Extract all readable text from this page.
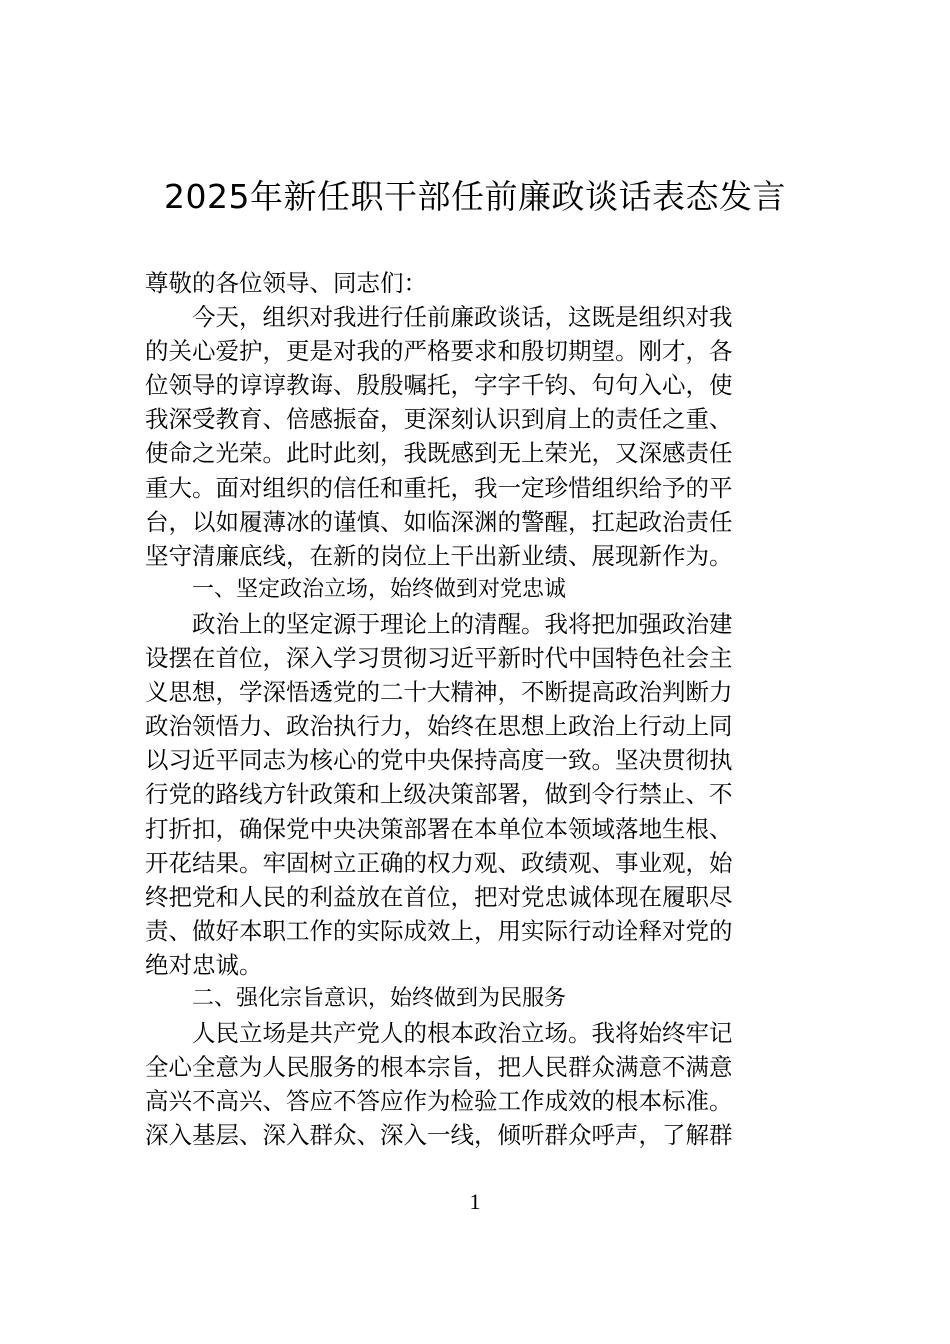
2025年新任职干部任前廉政谈话表态发言
尊敬的各位领导、同志们：
今天，组织对我进行任前廉政谈话，这既是组织对我
的关心爱护，更是对我的严格要求和殷切期望。刚才，各
位领导的谆谆教诲、殷殷嘱托，字字千钧、句句入心，使
我深受教育、倍感振奋，更深刻认识到肩上的责任之重、
使命之光荣。此时此刻，我既感到无上荣光，又深感责任
重大。面对组织的信任和重托，我一定珍惜组织给予的平
台，以如履薄冰的谨慎、如临深渊的警醒，扛起政治责任
坚守清廉底线，在新的岗位上干出新业绩、展现新作为。
一、坚定政治立场，始终做到对党忠诚
政治上的坚定源于理论上的清醒。我将把加强政治建
设摆在首位，深入学习贯彻习近平新时代中国特色社会主
义思想，学深悟透党的二十大精神，不断提高政治判断力
政治领悟力、政治执行力，始终在思想上政治上行动上同
以习近平同志为核心的党中央保持高度一致。坚决贯彻执
行党的路线方针政策和上级决策部署，做到令行禁止、不
打折扣，确保党中央决策部署在本单位本领域落地生根、
开花结果。牢固树立正确的权力观、政绩观、事业观，始
终把党和人民的利益放在首位，把对党忠诚体现在履职尽
责、做好本职工作的实际成效上，用实际行动诠释对党的
绝对忠诚。
二、强化宗旨意识，始终做到为民服务
人民立场是共产党人的根本政治立场。我将始终牢记
全心全意为人民服务的根本宗旨，把人民群众满意不满意
高兴不高兴、答应不答应作为检验工作成效的根本标准。
深入基层、深入群众、深入一线，倾听群众呼声，了解群
1
